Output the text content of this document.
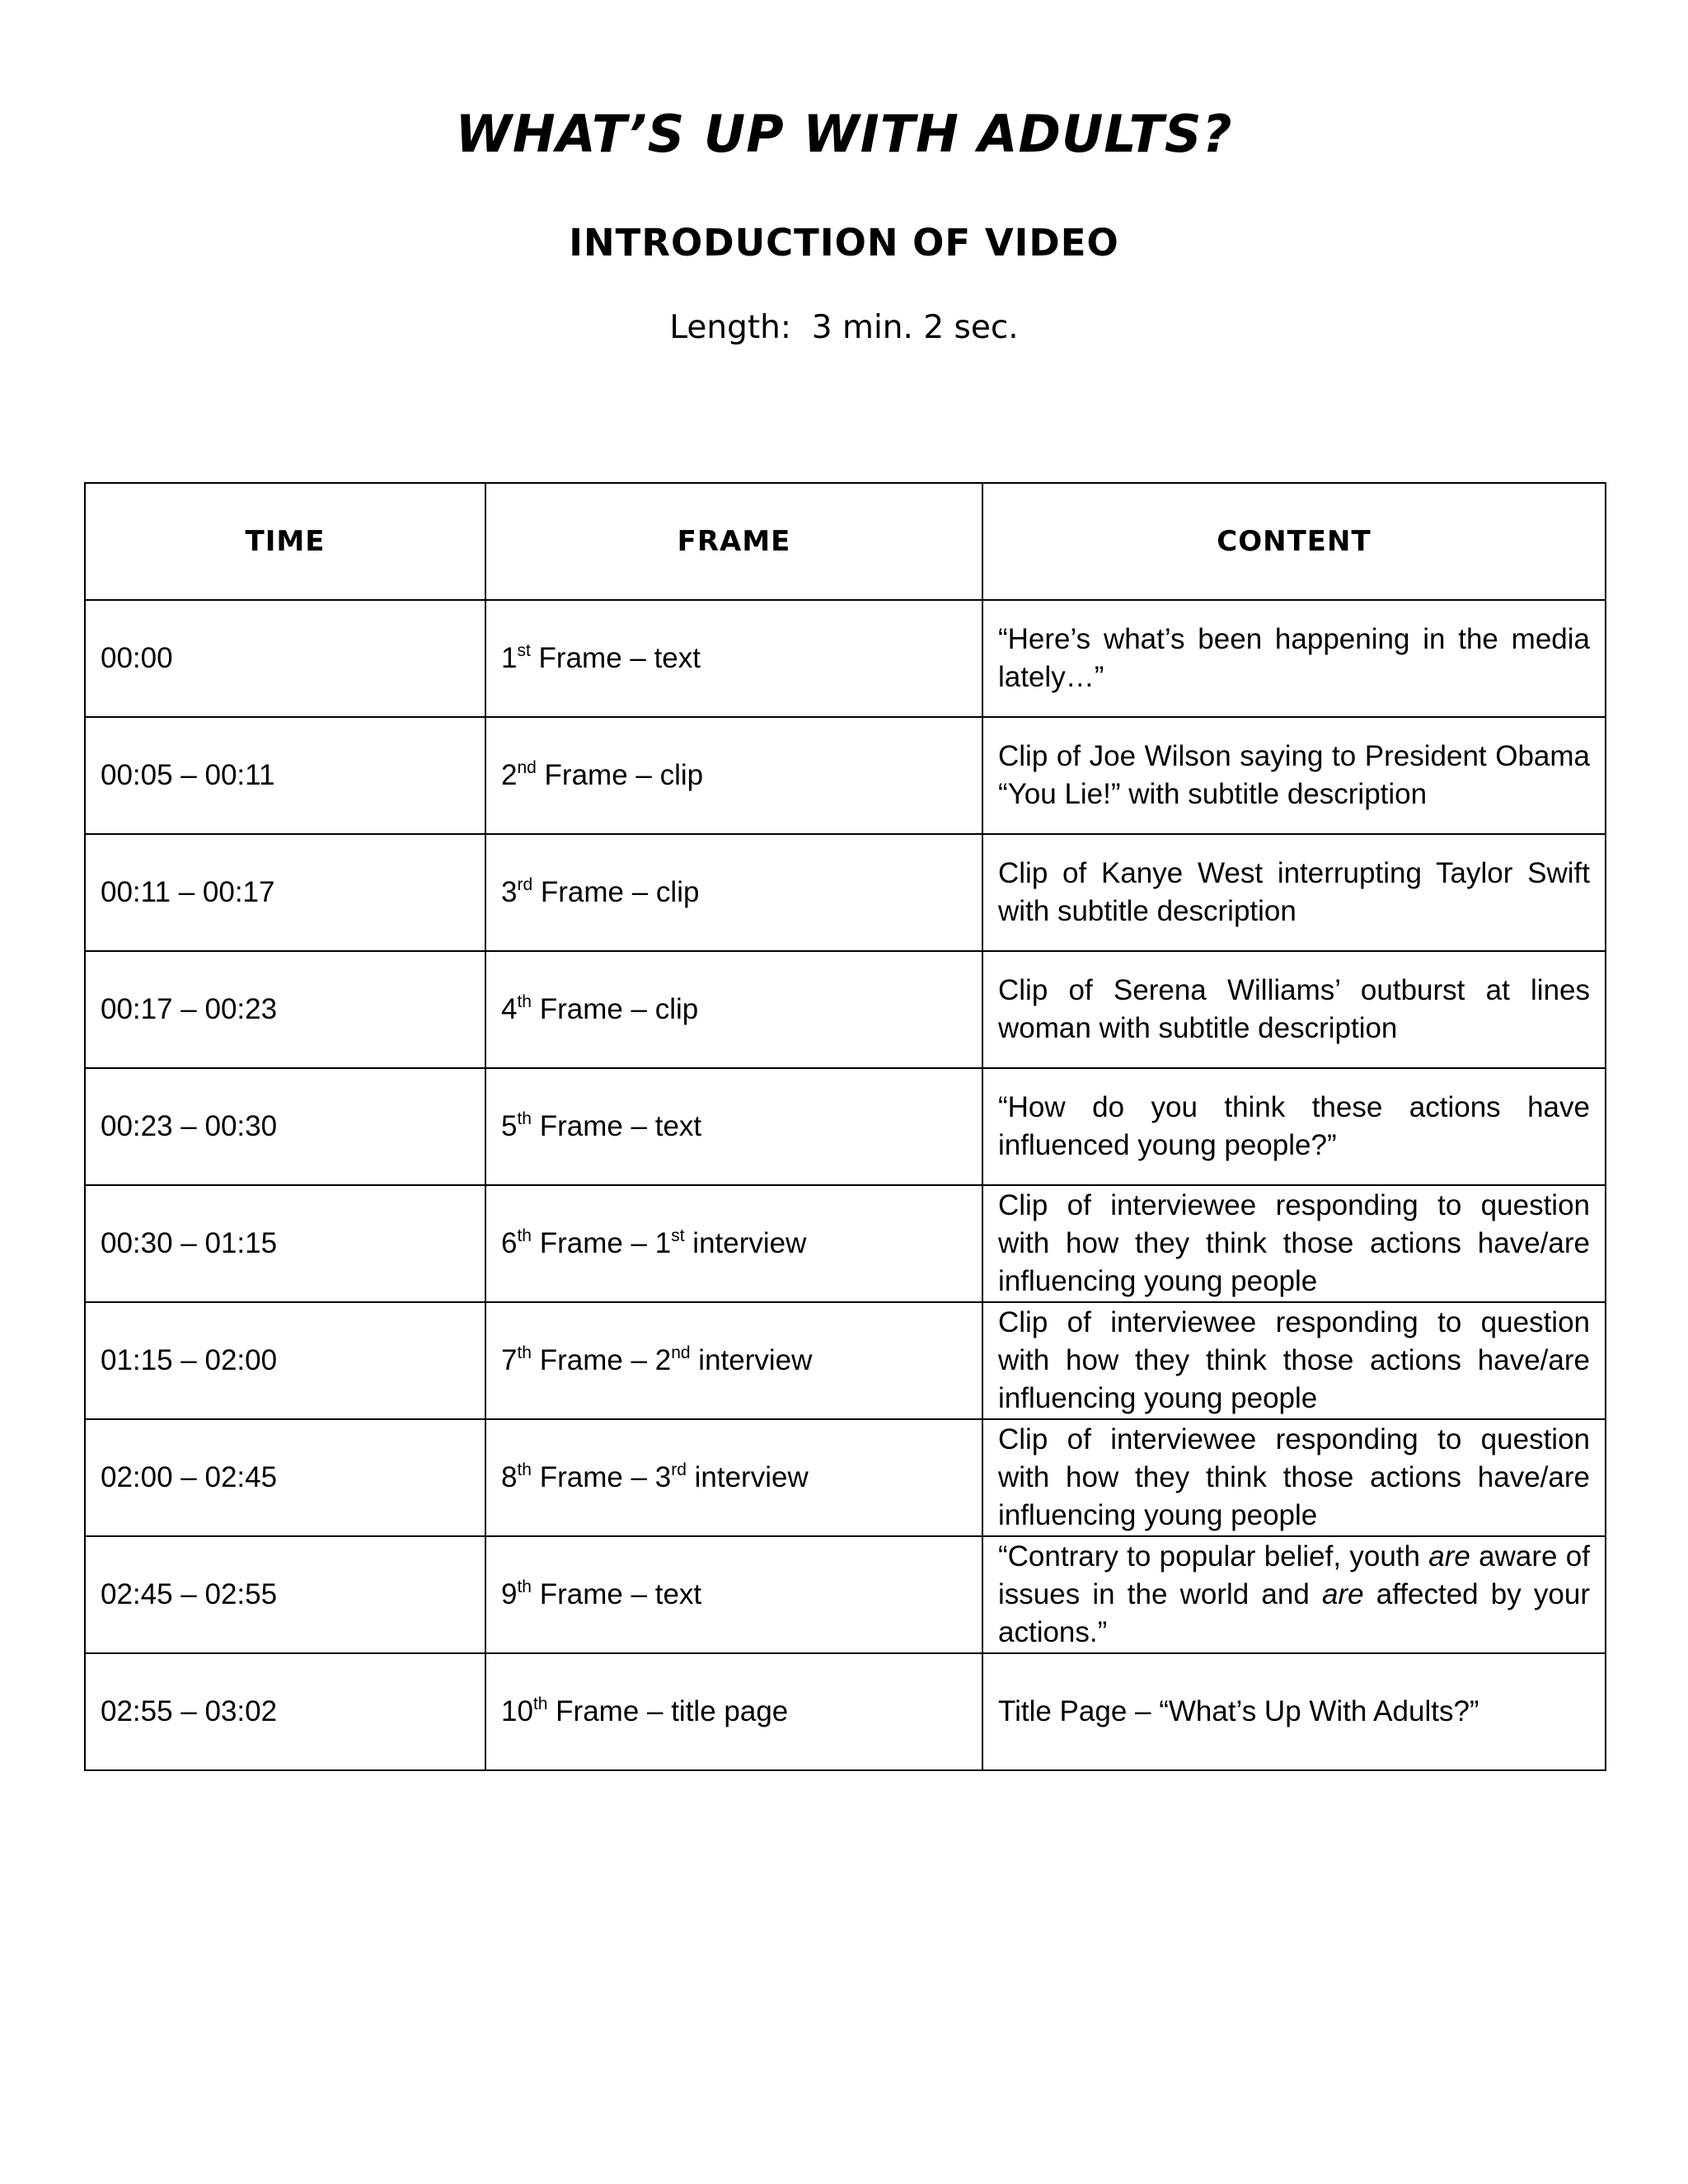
WHAT’S UP WITH ADULTS?
INTRODUCTION OF VIDEO

Length:  3 min. 2 sec.

TIME	FRAME	CONTENT
00:00	1st Frame – text	“Here’s what’s been happening in the media lately…”
00:05 – 00:11	2nd Frame – clip	Clip of Joe Wilson saying to President Obama “You Lie!” with subtitle description
00:11 – 00:17	3rd Frame – clip	Clip of Kanye West interrupting Taylor Swift with subtitle description
00:17 – 00:23	4th Frame – clip	Clip of Serena Williams’ outburst at lines woman with subtitle description
00:23 – 00:30	5th Frame – text	“How do you think these actions have influenced young people?”
00:30 – 01:15	6th Frame – 1st interview	Clip of interviewee responding to question with how they think those actions have/are influencing young people
01:15 – 02:00	7th Frame – 2nd interview	Clip of interviewee responding to question with how they think those actions have/are influencing young people
02:00 – 02:45	8th Frame – 3rd interview	Clip of interviewee responding to question with how they think those actions have/are influencing young people
02:45 – 02:55	9th Frame – text	“Contrary to popular belief, youth are aware of issues in the world and are affected by your actions.”
02:55 – 03:02	10th Frame – title page	Title Page – “What’s Up With Adults?”
